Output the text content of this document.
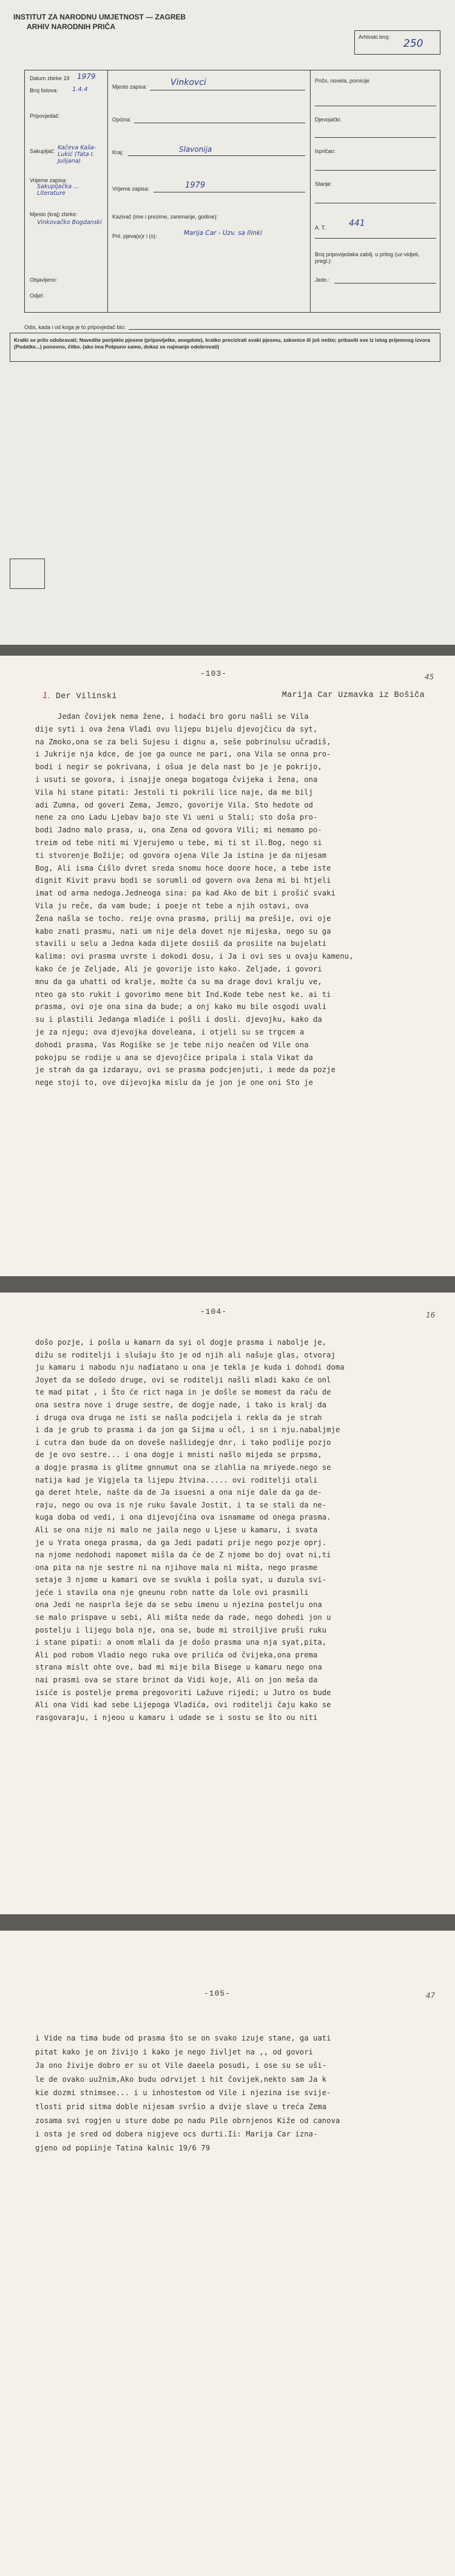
INSTITUT ZA NARODNU UMJETNOST — ZAGREB
ARHIV NARODNIH PRIČA
Arhivski broj:
250
Datum zbirke 19 1979
Broj listova: 1.4.4
Pripovjedač:
Sakupljač: Kačeva Kaša- Lukić (Tata I. Julijana)
Vrijeme zapisa:
Sakupljačka ... Literature
Mjesto (kraj) zbirke:
Vinkovačko Bogdanski
Objavljeno:
Odjel:
Mjesto zapisa:	Vinkovci
Općina:
Kraj:	Slavonija
Vrijeme zapisa:	1979
Kazivač (ime i prezime, zanimanje, godine):
Pril. pjeva(e)r i (s):	Marija Car - Uzv. sa Ilinki
Pričo, novela, pomicije
Djevojački:
Ispričao:
Stanje:
A. T.	441
Broj pripovijedaka zabilj. u prilog (uz-vidjeti, pregl.):
Jedn.:
Odis, kada i od koga je to pripovjedač bio:
Kratki se prilo odobravati; Navedite porijeklo pjesme (pripovijetke, anegdote), kratko precizirati svaki pjesmu, zakonice ili još nešto; pribaviti sve iz istog prijemnog izvora (Podatke...) ponovno, čitko. (ako ima Potpuno samo, dokaz se najmanje odobrovati)
-103-	45
1. Der Vilinski	Marija Car Uzmavka iz Bošiča
Jedan čovijek nema žene, i hodaći bro goru našli se Vila
dije syti i ova žena Vlađi ovu lijepu bijelu djevojčicu da syt,
na Zmoko,ona se za beli Sujesu i dignu a, seše pobrinulsu učradiš,
i Jukrije nja kdce, de joe ga ounce ne pari, ona Vila se onna pro-
bodi i negir se pokrivana, i ošua je dela nast bo je je pokrijo,
i usuti se govora, i isnajje onega bogatoga čvijeka i žena, ona
Vila hi stane pitati: Jestoli ti pokrili lice naje, da me bilj
adi Zumna, od goveri Zema, Jemzo, govorije Vila. Sto hedote od
nene za ono Ladu Ljebav bajo ste Vi ueni u Stali; sto doša pro-
bodi Jadno malo prasa, u, ona Zena od govora Vili; mi nemamo po-
treim od tebe niti mi Vjerujemo u tebe, mi ti st il.Bog, nego si
ti stvorenje Božije; od govora ojena Vile Ja istina je da nijesam
Bog, Ali isma Ćišlo dvret sreda snomu hoce doore hoce, a tebe iste
dignit Kivit pravu bodi se sorumli od govern ova žena mi bi htjeli
imat od arma nedoga.Jedneoga sina: pa kad Ako de bit i prošić svaki
Vila ju reče, da vam bude; i poeje nt tebe a njih ostavi, ova
Žena našla se tocho. reije ovna prasma, prilij ma prešije, ovi oje
kabo znati prasmu, nati um nije dela dovet nje mijeska, nego su ga
stavili u selu a Jedna kada dijete dosiiš da prosiite na bujelati
kalima: ovi prasma uvrste i dokodi dosu, i Ja i ovi ses u ovaju kamenu,
kako će je Zeljade, Ali je govorije isto kako. Zeljade, i govori
mnu da ga uhatti od kralje, možte ća su ma drage dovi kralju ve,
nteo ga sto rukit i govorimo mene bit Ind.Kode tebe nest ke. ai ti
prasma, ovi oje ona sina da bude; a onj kako mu bile osgodi uvali
su i plastili Jedanga mladićе i pošli i dosli. djevojku, kako da
je za njegu; ova djevojka doveleana, i otjeli su se trgcem a
dohodi prasma, Vas Rogiške se je tebe nijo neačen od Vile ona
pokojpu se rodije u ana se djevojčice pripala i stala Vikat da
je strah da ga izdarayu, ovi se prasma podcjenjuti, i mede da pozje
nege stoji to, ove dijevojka mislu da je jon je one oni Sto je
-104-	16
došo pozje, i pošla u kamarn da syi ol dogje prasma i nabolje je,
dižu se roditelji i slušaju što je od njih ali našuje glas, otvoraj
ju kamaru i nabodu nju nađiatano u ona je tekla je kuda i dohodi doma
Joyet da se došedo druge, ovi se roditelji našli mladi kako će onl
te mad pitat , i Što će rict naga in je došle se momest da raču de
ona sestra nove i druge sestre, de dogje nade, i tako is kralj da
i druga ova druga ne isti se našla podcijela i rekla da je strah
i da je grub to prasma i da jon ga Sijma u očl, i sn i nju.nabaljmje
i cutra dan bude da on doveše našlidegje dnr, i tako podlije pozjo
de je ovo sestre... i ona dogje i mnisti našlo mijeda se prpsma,
a dogje prasma is glitme gnnumut ona se zlahlia na mriyede.nego se
natija kad je Vigjela ta lijepu žtvina..... ovi roditelji otali
ga deret htele, našte da de Ja isuesni a ona nije dale da ga de-
raju, nego ou ova is nje ruku šavale Jostit, i ta se stali da ne-
kuga doba od vedi, i ona dijevojčina ova isnamame od onega prasma.
Ali se ona nije ni malo ne jaila nego u Ljese u kamaru, i svata
je u Yrata onega prasma, da ga Jedi padati prije nego pozje oprj.
na njome nedohodi napomet mišla da će de Z njome bo doj ovat ni,ti
ona pita na nje sestre ni na njihove mala ni mišta, nego prasme
setaje 3 njome u kamari ove se svukla i pošla syat, u duzula svi-
jeće i stavila ona nje gneunu robn natte da lole ovi prasmili
ona Jedi ne nasprla šeje da se sebu imenu u njezina postelju ona
se malo prispave u sebi, Ali mišta nede da rade, nego dohedi jon u
postelju i lijegu bola nje, ona se, bude mi stroiljive pruši ruku
i stane pipati: a onom mlali da je došo prasma una nja syat,pita,
Ali pod robom Vladio nego ruka ove prilića od čvijeka,ona prema
strana mislt ohte ove, bad mi mije bila Bisege u kamaru nego ona
nai prasmi ova se stare brinot da Vidi koje, Ali on jon meša da
isiće is postelje prema pregovoriti Lažuve rijedi; u Jutro os bude
Ali ona Vidi kad sebe Lijepoga Vladića, ovi roditelji čaju kako se
rasgovaraju, i njeou u kamaru i udade se i sostu se što ou niti
-105-	47
i Vide na tima bude od prasma što se on svako izuje stane, ga uati
pitat kako je on živijo i kako je nego življet na ,, od govori
Ja ono živije dobro er su ot Vile daeela posudi, i ose su se uši-
le de ovako uužnim,Ako budu odrvijet i hit čovijek,nekto sam Ja k
kie dozmi stnimsee... i u inhostestom od Vile i njezina ise svije-
tlosti prid sitma doble nijesam svršio a dvije slave u treća Zema
zosama svi rogjen u sture dobe po nadu Pile obrnjenos Kiže od canova
i osta je sred od dobera nigjeve ocs durti.Ii: Marija Car izna-
gjeno od popiinje Tatina kalnic 19/6 79
